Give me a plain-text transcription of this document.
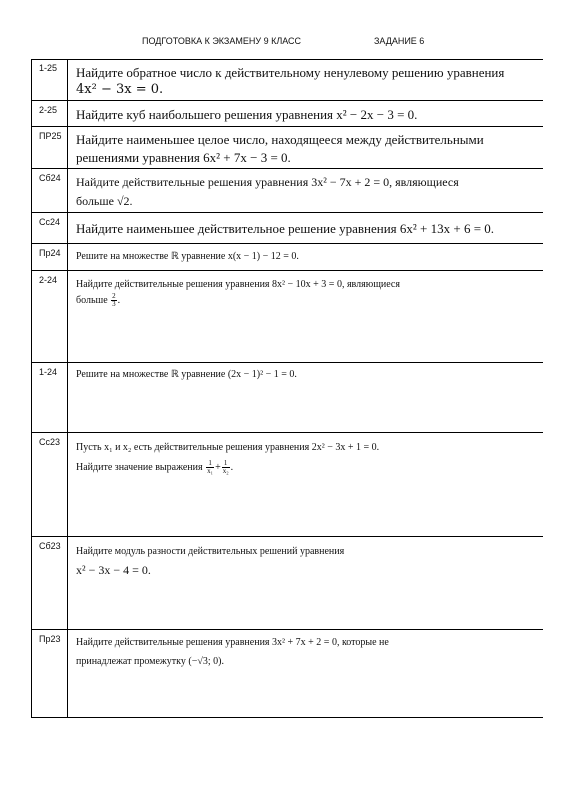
ПОДГОТОВКА К ЭКЗАМЕНУ 9 КЛАСС	ЗАДАНИЕ 6
1-25	Найдите обратное число к действительному ненулевому решению уравнения
4x² − 3x = 0.
2-25	Найдите куб наибольшего решения уравнения x² − 2x − 3 = 0.
ПР25	Найдите наименьшее целое число, находящееся между действительными
решениями уравнения 6x² + 7x − 3 = 0.
Сб24	Найдите действительные решения уравнения 3x² − 7x + 2 = 0, являющиеся
больше √2.
Сс24	Найдите наименьшее действительное решение уравнения 6x² + 13x + 6 = 0.
Пр24	Решите на множестве ℝ уравнение x(x − 1) − 12 = 0.
2-24	Найдите действительные решения уравнения 8x² − 10x + 3 = 0, являющиеся
больше $\frac{2}{3}$ .
1-24	Решите на множестве ℝ уравнение (2x − 1)² − 1 = 0.
Сс23	Пусть x₁ и x₂ есть действительные решения уравнения 2x² − 3x + 1 = 0.
Найдите значение выражения $\frac{1}{\text{x₁}} + \frac{1}{\text{x₂}}$ .
Сб23	Найдите модуль разности действительных решений уравнения
x² − 3x − 4 = 0.
Пр23	Найдите действительные решения уравнения 3x² + 7x + 2 = 0, которые не
принадлежат промежутку (−√3; 0).
